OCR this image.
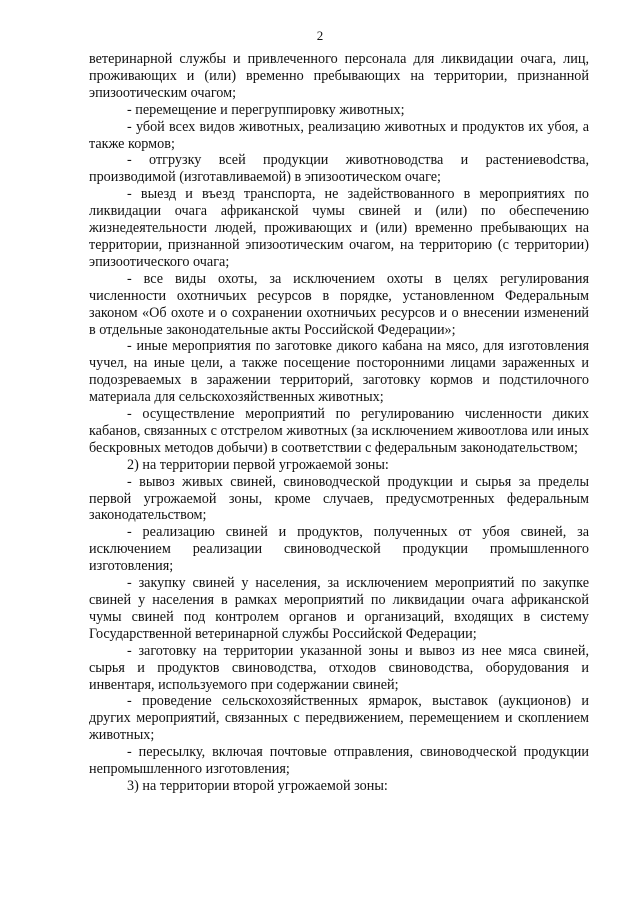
2

ветеринарной службы и привлеченного персонала для ликвидации очага, лиц, проживающих и (или) временно пребывающих на территории, признанной эпизоотическим очагом;

- перемещение и перегруппировку животных;

- убой всех видов животных, реализацию животных и продуктов их убоя, а также кормов;

- отгрузку всей продукции животноводства и растениевodства, производимой (изготавливаемой) в эпизоотическом очаге;

- выезд и въезд транспорта, не задействованного в мероприятиях по ликвидации очага африканской чумы свиней и (или) по обеспечению жизнедеятельности людей, проживающих и (или) временно пребывающих на территории, признанной эпизоотическим очагом, на территорию (с территории) эпизоотического очага;

- все виды охоты, за исключением охоты в целях регулирования численности охотничьих ресурсов в порядке, установленном Федеральным законом «Об охоте и о сохранении охотничьих ресурсов и о внесении изменений в отдельные законодательные акты Российской Федерации»;

- иные мероприятия по заготовке дикого кабана на мясо, для изготовления чучел, на иные цели, а также посещение посторонними лицами зараженных и подозреваемых в заражении территорий, заготовку кормов и подстилочного материала для сельскохозяйственных животных;

- осуществление мероприятий по регулированию численности диких кабанов, связанных с отстрелом животных (за исключением живоотлова или иных бескровных методов добычи) в соответствии с федеральным законодательством;

2) на территории первой угрожаемой зоны:

- вывоз живых свиней, свиноводческой продукции и сырья за пределы первой угрожаемой зоны, кроме случаев, предусмотренных федеральным законодательством;

- реализацию свиней и продуктов, полученных от убоя свиней, за исключением реализации свиноводческой продукции промышленного изготовления;

- закупку свиней у населения, за исключением мероприятий по закупке свиней у населения в рамках мероприятий по ликвидации очага африканской чумы свиней под контролем органов и организаций, входящих в систему Государственной ветеринарной службы Российской Федерации;

- заготовку на территории указанной зоны и вывоз из нее мяса свиней, сырья и продуктов свиноводства, отходов свиноводства, оборудования и инвентаря, используемого при содержании свиней;

- проведение сельскохозяйственных ярмарок, выставок (аукционов) и других мероприятий, связанных с передвижением, перемещением и скоплением животных;

- пересылку, включая почтовые отправления, свиноводческой продукции непромышленного изготовления;

3) на территории второй угрожаемой зоны:
